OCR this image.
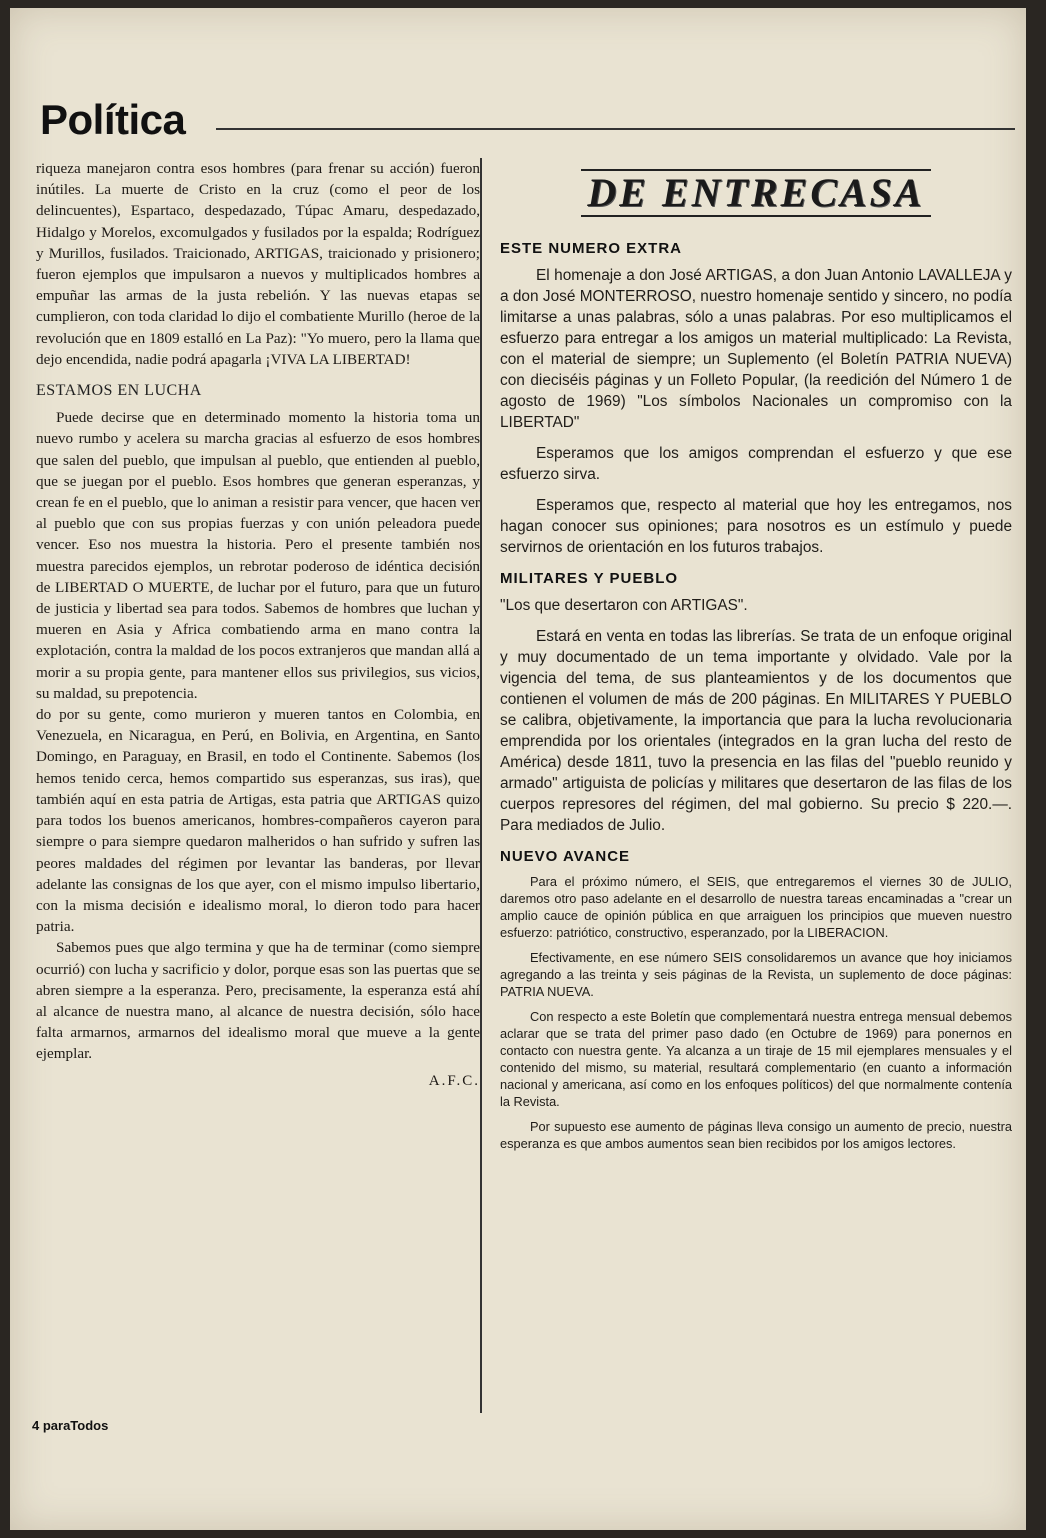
Política

riqueza manejaron contra esos hombres (para frenar su acción) fueron inútiles. La muerte de Cristo en la cruz (como el peor de los delincuentes), Espartaco, despedazado, Túpac Amaru, despedazado, Hidalgo y Morelos, excomulgados y fusilados por la espalda; Rodríguez y Murillos, fusilados. Traicionado, ARTIGAS, traicionado y prisionero; fueron ejemplos que impulsaron a nuevos y multiplicados hombres a empuñar las armas de la justa rebelión. Y las nuevas etapas se cumplieron, con toda claridad lo dijo el combatiente Murillo (heroe de la revolución que en 1809 estalló en La Paz): "Yo muero, pero la llama que dejo encendida, nadie podrá apagarla ¡VIVA LA LIBERTAD!

ESTAMOS EN LUCHA

Puede decirse que en determinado momento la historia toma un nuevo rumbo y acelera su marcha gracias al esfuerzo de esos hombres que salen del pueblo, que impulsan al pueblo, que entienden al pueblo, que se juegan por el pueblo. Esos hombres que generan esperanzas, y crean fe en el pueblo, que lo animan a resistir para vencer, que hacen ver al pueblo que con sus propias fuerzas y con unión peleadora puede vencer. Eso nos muestra la historia. Pero el presente también nos muestra parecidos ejemplos, un rebrotar poderoso de idéntica decisión de LIBERTAD O MUERTE, de luchar por el futuro, para que un futuro de justicia y libertad sea para todos. Sabemos de hombres que luchan y mueren en Asia y Africa combatiendo arma en mano contra la explotación, contra la maldad de los pocos extranjeros que mandan allá a morir a su propia gente, para mantener ellos sus privilegios, sus vicios, su maldad, su prepotencia.

do por su gente, como murieron y mueren tantos en Colombia, en Venezuela, en Nicaragua, en Perú, en Bolivia, en Argentina, en Santo Domingo, en Paraguay, en Brasil, en todo el Continente. Sabemos (los hemos tenido cerca, hemos compartido sus esperanzas, sus iras), que también aquí en esta patria de Artigas, esta patria que ARTIGAS quizo para todos los buenos americanos, hombres-compañeros cayeron para siempre o para siempre quedaron malheridos o han sufrido y sufren las peores maldades del régimen por levantar las banderas, por llevar adelante las consignas de los que ayer, con el mismo impulso libertario, con la misma decisión e idealismo moral, lo dieron todo para hacer patria.

Sabemos pues que algo termina y que ha de terminar (como siempre ocurrió) con lucha y sacrificio y dolor, porque esas son las puertas que se abren siempre a la esperanza. Pero, precisamente, la esperanza está ahí al alcance de nuestra mano, al alcance de nuestra decisión, sólo hace falta armarnos, armarnos del idealismo moral que mueve a la gente ejemplar.

A.F.C.
4 paraTodos
DE ENTRECASA
ESTE NUMERO EXTRA

El homenaje a don José ARTIGAS, a don Juan Antonio LAVALLEJA y a don José MONTERROSO, nuestro homenaje sentido y sincero, no podía limitarse a unas palabras, sólo a unas palabras. Por eso multiplicamos el esfuerzo para entregar a los amigos un material multiplicado: La Revista, con el material de siempre; un Suplemento (el Boletín PATRIA NUEVA) con dieciséis páginas y un Folleto Popular, (la reedición del Número 1 de agosto de 1969) "Los símbolos Nacionales un compromiso con la LIBERTAD"

Esperamos que los amigos comprendan el esfuerzo y que ese esfuerzo sirva.

Esperamos que, respecto al material que hoy les entregamos, nos hagan conocer sus opiniones; para nosotros es un estímulo y puede servirnos de orientación en los futuros trabajos.

MILITARES Y PUEBLO

"Los que desertaron con ARTIGAS".

Estará en venta en todas las librerías. Se trata de un enfoque original y muy documentado de un tema importante y olvidado. Vale por la vigencia del tema, de sus planteamientos y de los documentos que contienen el volumen de más de 200 páginas. En MILITARES Y PUEBLO se calibra, objetivamente, la importancia que para la lucha revolucionaria emprendida por los orientales (integrados en la gran lucha del resto de América) desde 1811, tuvo la presencia en las filas del "pueblo reunido y armado" artiguista de policías y militares que desertaron de las filas de los cuerpos represores del régimen, del mal gobierno. Su precio $ 220.—. Para mediados de Julio.

NUEVO AVANCE

Para el próximo número, el SEIS, que entregaremos el viernes 30 de JULIO, daremos otro paso adelante en el desarrollo de nuestra tareas encaminadas a "crear un amplio cauce de opinión pública en que arraiguen los principios que mueven nuestro esfuerzo: patriótico, constructivo, esperanzado, por la LIBERACION.

Efectivamente, en ese número SEIS consolidaremos un avance que hoy iniciamos agregando a las treinta y seis páginas de la Revista, un suplemento de doce páginas: PATRIA NUEVA.

Con respecto a este Boletín que complementará nuestra entrega mensual debemos aclarar que se trata del primer paso dado (en Octubre de 1969) para ponernos en contacto con nuestra gente. Ya alcanza a un tiraje de 15 mil ejemplares mensuales y el contenido del mismo, su material, resultará complementario (en cuanto a información nacional y americana, así como en los enfoques políticos) del que normalmente contenía la Revista.

Por supuesto ese aumento de páginas lleva consigo un aumento de precio, nuestra esperanza es que ambos aumentos sean bien recibidos por los amigos lectores.
